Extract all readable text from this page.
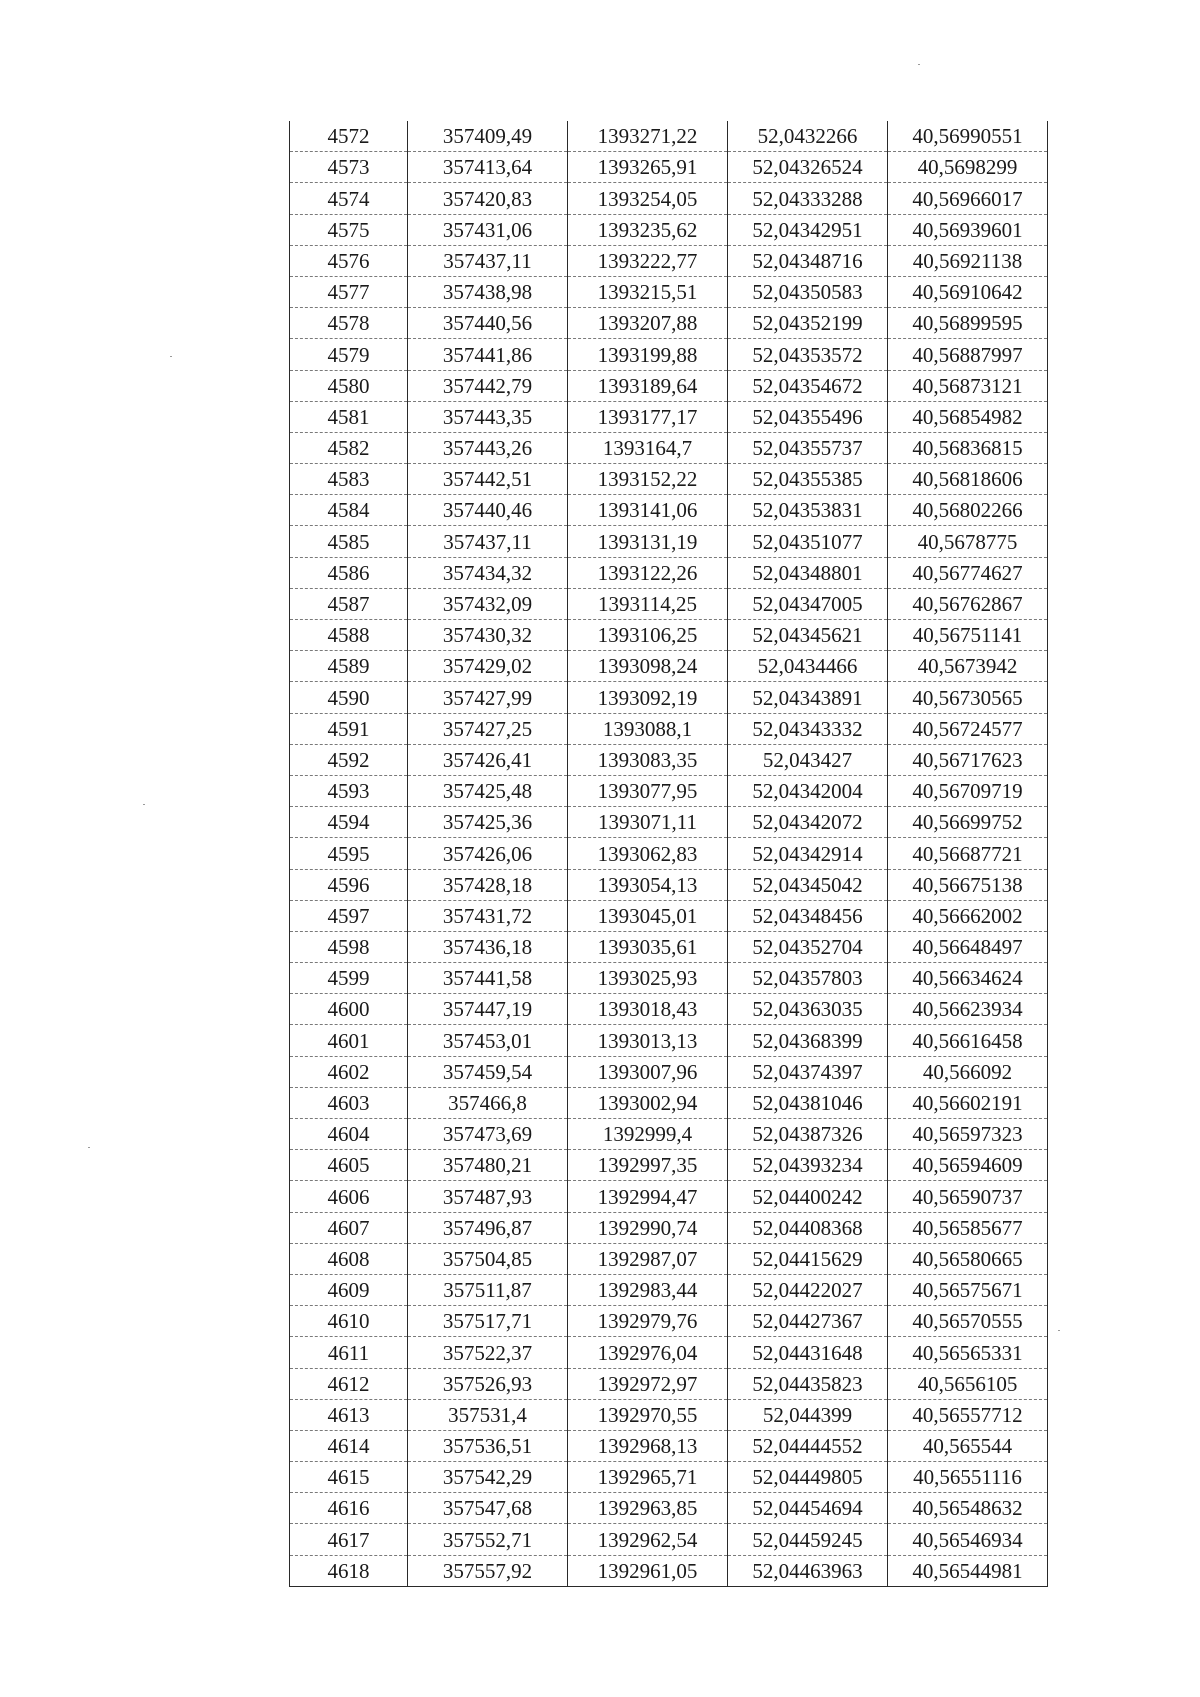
4572	357409,49	1393271,22	52,0432266	40,56990551
4573	357413,64	1393265,91	52,04326524	40,5698299
4574	357420,83	1393254,05	52,04333288	40,56966017
4575	357431,06	1393235,62	52,04342951	40,56939601
4576	357437,11	1393222,77	52,04348716	40,56921138
4577	357438,98	1393215,51	52,04350583	40,56910642
4578	357440,56	1393207,88	52,04352199	40,56899595
4579	357441,86	1393199,88	52,04353572	40,56887997
4580	357442,79	1393189,64	52,04354672	40,56873121
4581	357443,35	1393177,17	52,04355496	40,56854982
4582	357443,26	1393164,7	52,04355737	40,56836815
4583	357442,51	1393152,22	52,04355385	40,56818606
4584	357440,46	1393141,06	52,04353831	40,56802266
4585	357437,11	1393131,19	52,04351077	40,5678775
4586	357434,32	1393122,26	52,04348801	40,56774627
4587	357432,09	1393114,25	52,04347005	40,56762867
4588	357430,32	1393106,25	52,04345621	40,56751141
4589	357429,02	1393098,24	52,0434466	40,5673942
4590	357427,99	1393092,19	52,04343891	40,56730565
4591	357427,25	1393088,1	52,04343332	40,56724577
4592	357426,41	1393083,35	52,043427	40,56717623
4593	357425,48	1393077,95	52,04342004	40,56709719
4594	357425,36	1393071,11	52,04342072	40,56699752
4595	357426,06	1393062,83	52,04342914	40,56687721
4596	357428,18	1393054,13	52,04345042	40,56675138
4597	357431,72	1393045,01	52,04348456	40,56662002
4598	357436,18	1393035,61	52,04352704	40,56648497
4599	357441,58	1393025,93	52,04357803	40,56634624
4600	357447,19	1393018,43	52,04363035	40,56623934
4601	357453,01	1393013,13	52,04368399	40,56616458
4602	357459,54	1393007,96	52,04374397	40,566092
4603	357466,8	1393002,94	52,04381046	40,56602191
4604	357473,69	1392999,4	52,04387326	40,56597323
4605	357480,21	1392997,35	52,04393234	40,56594609
4606	357487,93	1392994,47	52,04400242	40,56590737
4607	357496,87	1392990,74	52,04408368	40,56585677
4608	357504,85	1392987,07	52,04415629	40,56580665
4609	357511,87	1392983,44	52,04422027	40,56575671
4610	357517,71	1392979,76	52,04427367	40,56570555
4611	357522,37	1392976,04	52,04431648	40,56565331
4612	357526,93	1392972,97	52,04435823	40,5656105
4613	357531,4	1392970,55	52,044399	40,56557712
4614	357536,51	1392968,13	52,04444552	40,565544
4615	357542,29	1392965,71	52,04449805	40,56551116
4616	357547,68	1392963,85	52,04454694	40,56548632
4617	357552,71	1392962,54	52,04459245	40,56546934
4618	357557,92	1392961,05	52,04463963	40,56544981
